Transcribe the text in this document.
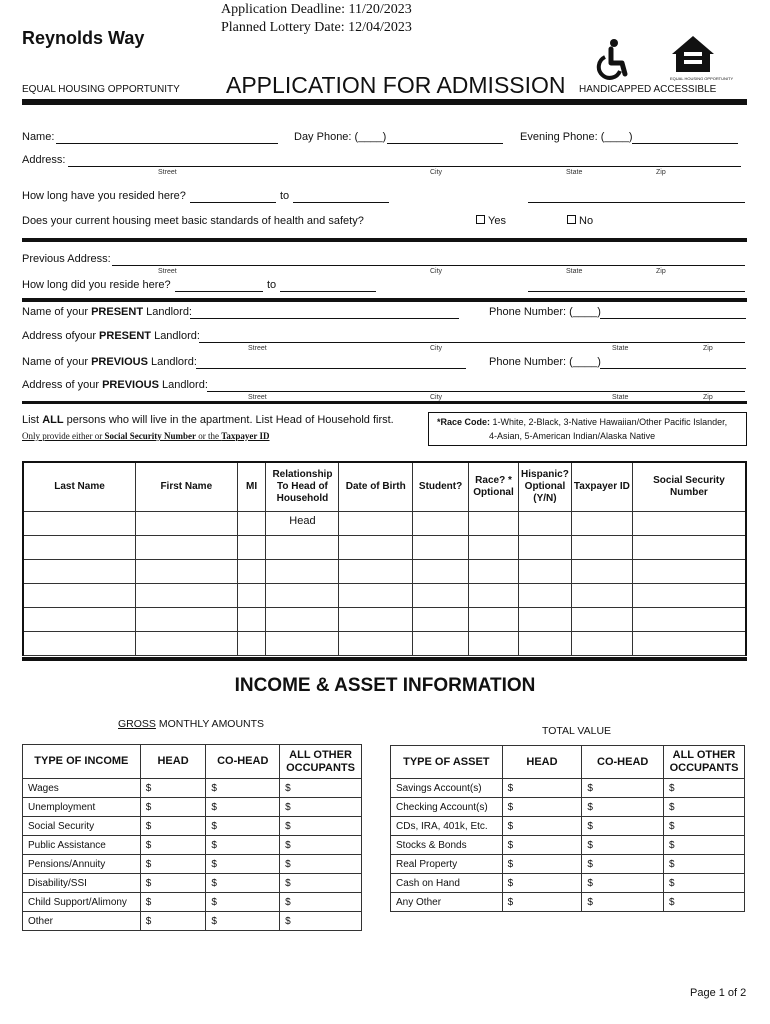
Reynolds Way
Application Deadline: 11/20/2023
Planned Lottery Date: 12/04/2023
EQUAL HOUSING OPPORTUNITY APPLICATION FOR ADMISSION HANDICAPPED ACCESSIBLE
EQUAL HOUSING OPPORTUNITY
Name:	Day Phone: (____)	Evening Phone: (____)
Address:
Street	City	State	Zip
How long have you resided here?	to
Does your current housing meet basic standards of health and safety?	Yes	No
Previous Address:
Street	City	State	Zip
How long did you reside here?	to
Name of your PRESENT Landlord:	Phone Number: (____)
Address ofyour PRESENT Landlord:
Street	City	State	Zip
Name of your PREVIOUS Landlord:	Phone Number: (____)
Address of your PREVIOUS Landlord:
Street	City	State	Zip
List ALL persons who will live in the apartment. List Head of Household first.
Only provide either or Social Security Number or the Taxpayer ID
*Race Code: 1-White, 2-Black, 3-Native Hawaiian/Other Pacific Islander,
4-Asian, 5-American Indian/Alaska Native
Last Name	First Name	MI	Relationship To Head of Household	Date of Birth	Student?	Race? * Optional	Hispanic? Optional (Y/N)	Taxpayer ID	Social Security Number
			Head						

INCOME & ASSET INFORMATION
GROSS MONTHLY AMOUNTS
TOTAL VALUE
TYPE OF INCOME	HEAD	CO-HEAD	ALL OTHER OCCUPANTS
Wages	$	$	$
Unemployment	$	$	$
Social Security	$	$	$
Public Assistance	$	$	$
Pensions/Annuity	$	$	$
Disability/SSI	$	$	$
Child Support/Alimony	$	$	$
Other	$	$	$
TYPE OF ASSET	HEAD	CO-HEAD	ALL OTHER OCCUPANTS
Savings Account(s)	$	$	$
Checking Account(s)	$	$	$
CDs, IRA, 401k, Etc.	$	$	$
Stocks & Bonds	$	$	$
Real Property	$	$	$
Cash on Hand	$	$	$
Any Other	$	$	$
Page 1 of 2
